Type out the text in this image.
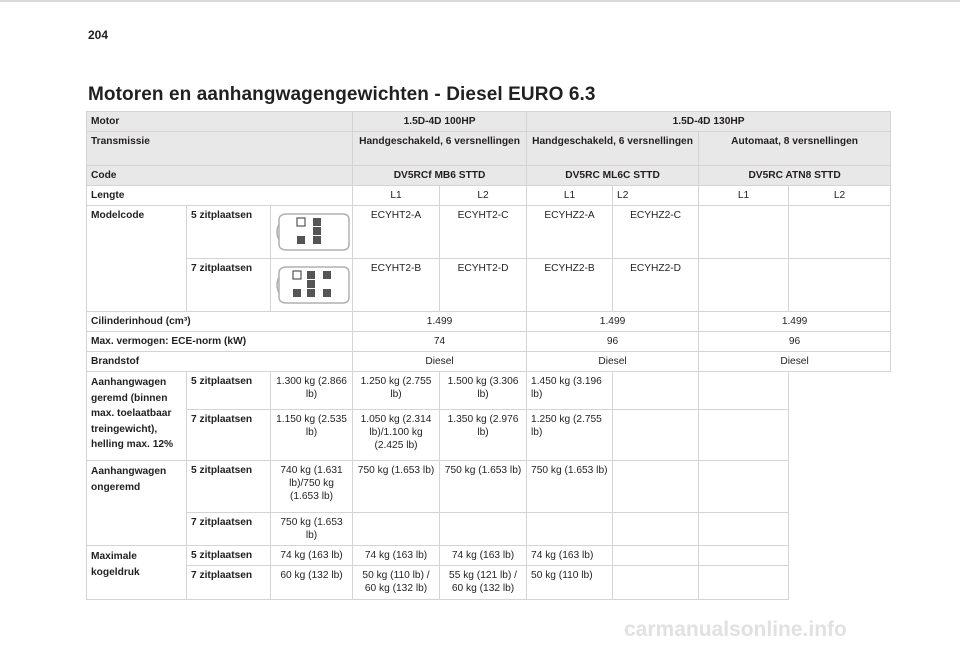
204
Motoren en aanhangwagengewichten - Diesel EURO 6.3
Motor			1.5D-4D 100HP		1.5D-4D 130HP			
Transmissie			Handgeschakeld, 6 versnellingen		Handgeschakeld, 6 versnellingen		Automaat, 8 versnellingen	
Code			DV5RCf MB6 STTD		DV5RC ML6C STTD		DV5RC ATN8 STTD	
Lengte			L1	L2	L1	L2	L1	L2
Modelcode	5 zitplaatsen		ECYHT2-A	ECYHT2-C	ECYHZ2-A	ECYHZ2-C		
	7 zitplaatsen		ECYHT2-B	ECYHT2-D	ECYHZ2-B	ECYHZ2-D		
Cilinderinhoud (cm³)			1.499		1.499		1.499	
Max. vermogen: ECE-norm (kW)			74		96		96	
Brandstof			Diesel		Diesel		Diesel	
Aanhangwagen geremd (binnen max. toelaatbaar treingewicht), helling max. 12%	5 zitplaatsen	1.300 kg (2.866 lb)	1.250 kg (2.755 lb)	1.500 kg (3.306 lb)	1.450 kg (3.196 lb)			
	7 zitplaatsen	1.150 kg (2.535 lb)	1.050 kg (2.314 lb)/1.100 kg (2.425 lb)	1.350 kg (2.976 lb)	1.250 kg (2.755 lb)			
Aanhangwagen ongeremd	5 zitplaatsen	740 kg (1.631 lb)/750 kg (1.653 lb)	750 kg (1.653 lb)	750 kg (1.653 lb)	750 kg (1.653 lb)			
	7 zitplaatsen	750 kg (1.653 lb)						
Maximale kogeldruk	5 zitplaatsen	74 kg (163 lb)	74 kg (163 lb)	74 kg (163 lb)	74 kg (163 lb)			
	7 zitplaatsen	60 kg (132 lb)	50 kg (110 lb) / 60 kg (132 lb)	55 kg (121 lb) / 60 kg (132 lb)	50 kg (110 lb)			
carmanualsonline.info
